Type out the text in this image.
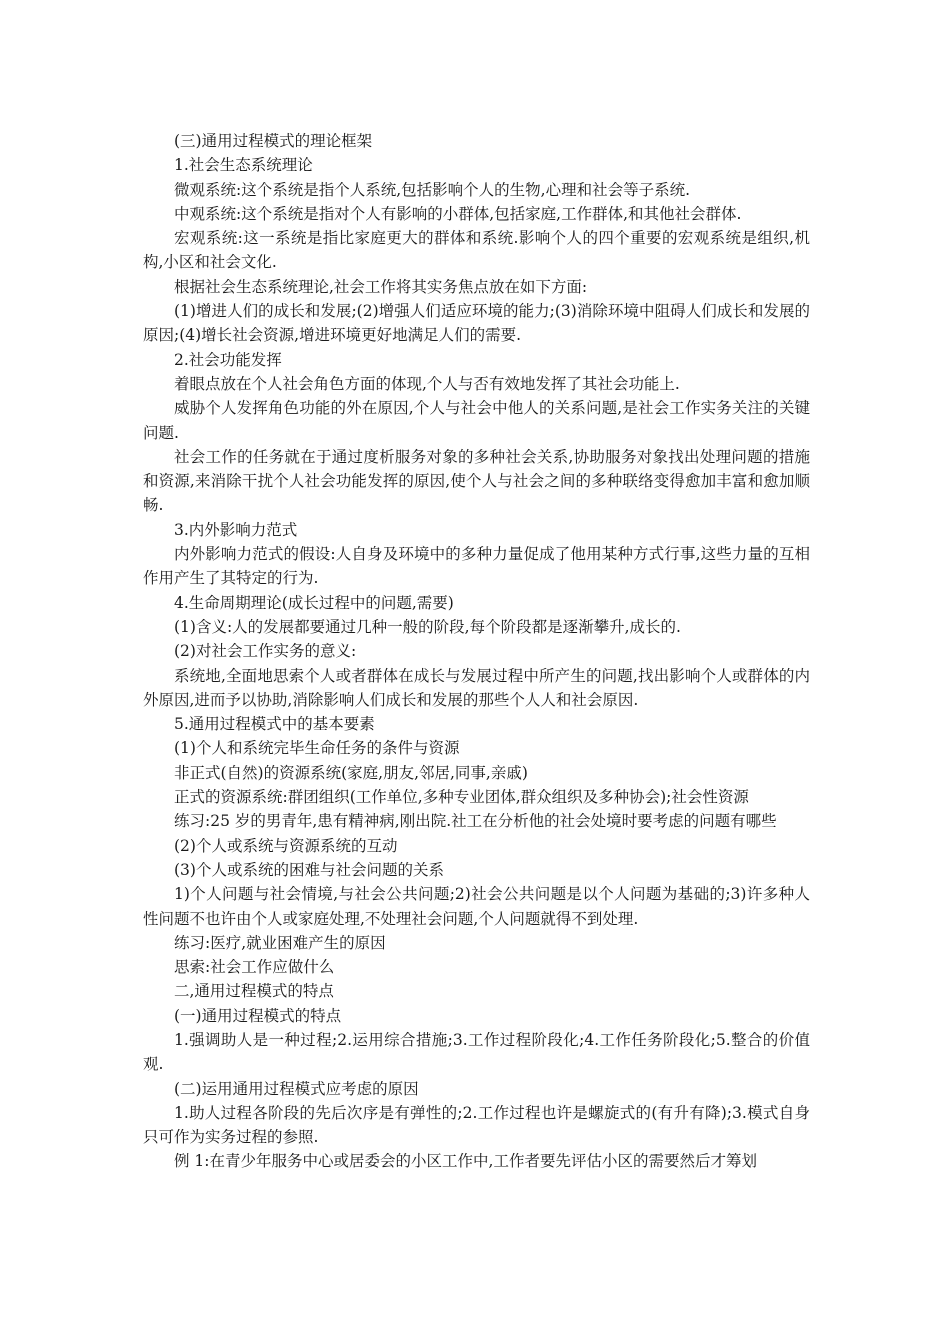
(三)通用过程模式的理论框架

1.社会生态系统理论

微观系统:这个系统是指个人系统,包括影响个人的生物,心理和社会等子系统.

中观系统:这个系统是指对个人有影响的小群体,包括家庭,工作群体,和其他社会群体.

宏观系统:这一系统是指比家庭更大的群体和系统.影响个人的四个重要的宏观系统是组织,机构,小区和社会文化.

根据社会生态系统理论,社会工作将其实务焦点放在如下方面:

(1)增进人们的成长和发展;(2)增强人们适应环境的能力;(3)消除环境中阻碍人们成长和发展的原因;(4)增长社会资源,增进环境更好地满足人们的需要.

2.社会功能发挥

着眼点放在个人社会角色方面的体现,个人与否有效地发挥了其社会功能上.

威胁个人发挥角色功能的外在原因,个人与社会中他人的关系问题,是社会工作实务关注的关键问题.

社会工作的任务就在于通过度析服务对象的多种社会关系,协助服务对象找出处理问题的措施和资源,来消除干扰个人社会功能发挥的原因,使个人与社会之间的多种联络变得愈加丰富和愈加顺畅.

3.内外影响力范式

内外影响力范式的假设:人自身及环境中的多种力量促成了他用某种方式行事,这些力量的互相作用产生了其特定的行为.

4.生命周期理论(成长过程中的问题,需要)

(1)含义:人的发展都要通过几种一般的阶段,每个阶段都是逐渐攀升,成长的.

(2)对社会工作实务的意义:

系统地,全面地思索个人或者群体在成长与发展过程中所产生的问题,找出影响个人或群体的内外原因,进而予以协助,消除影响人们成长和发展的那些个人人和社会原因.

5.通用过程模式中的基本要素

(1)个人和系统完毕生命任务的条件与资源

非正式(自然)的资源系统(家庭,朋友,邻居,同事,亲戚)

正式的资源系统:群团组织(工作单位,多种专业团体,群众组织及多种协会);社会性资源

练习:25 岁的男青年,患有精神病,刚出院.社工在分析他的社会处境时要考虑的问题有哪些

(2)个人或系统与资源系统的互动

(3)个人或系统的困难与社会问题的关系

1)个人问题与社会情境,与社会公共问题;2)社会公共问题是以个人问题为基础的;3)许多种人性问题不也许由个人或家庭处理,不处理社会问题,个人问题就得不到处理.

练习:医疗,就业困难产生的原因

思索:社会工作应做什么

二,通用过程模式的特点

(一)通用过程模式的特点

1.强调助人是一种过程;2.运用综合措施;3.工作过程阶段化;4.工作任务阶段化;5.整合的价值观.

(二)运用通用过程模式应考虑的原因

1.助人过程各阶段的先后次序是有弹性的;2.工作过程也许是螺旋式的(有升有降);3.模式自身只可作为实务过程的参照.

例 1:在青少年服务中心或居委会的小区工作中,工作者要先评估小区的需要然后才筹划
